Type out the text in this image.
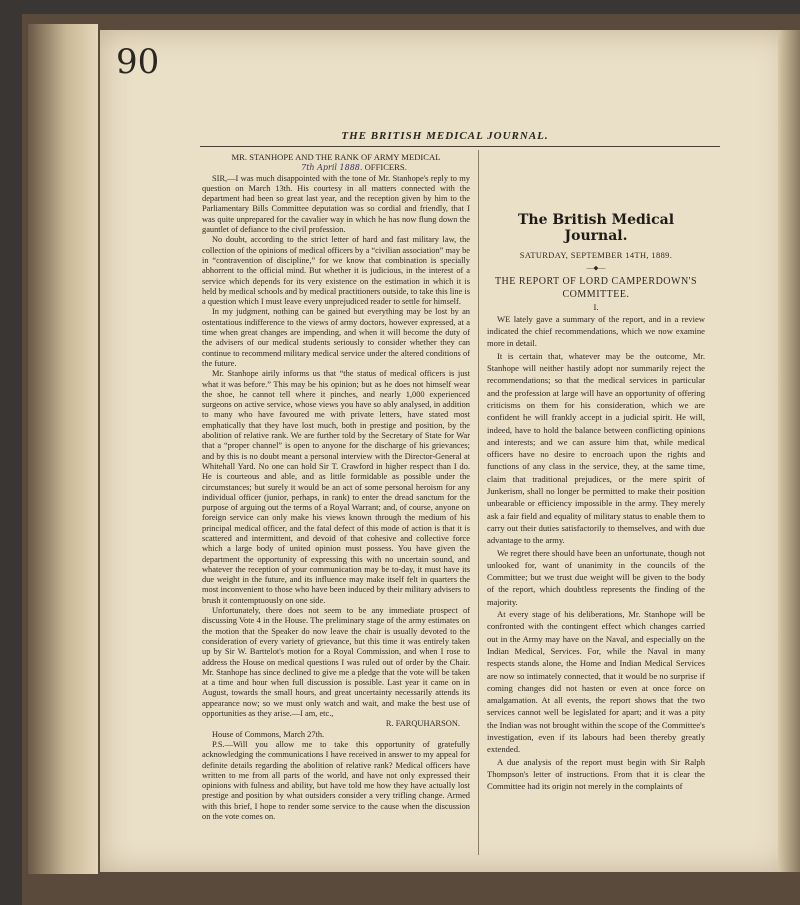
90
THE BRITISH MEDICAL JOURNAL.

MR. STANHOPE AND THE RANK OF ARMY MEDICAL

7th April 1888. OFFICERS.

SIR,—I was much disappointed with the tone of Mr. Stanhope's reply to my question on March 13th. His courtesy in all matters connected with the department had been so great last year, and the reception given by him to the Parliamentary Bills Committee deputation was so cordial and friendly, that I was quite unprepared for the cavalier way in which he has now flung down the gauntlet of defiance to the civil profession.

No doubt, according to the strict letter of hard and fast military law, the collection of the opinions of medical officers by a “civilian association” may be in “contravention of discipline,” for we know that combination is specially abhorrent to the official mind. But whether it is judicious, in the interest of a service which depends for its very existence on the estimation in which it is held by medical schools and by medical practitioners outside, to take this line is a question which I must leave every unprejudiced reader to settle for himself.

In my judgment, nothing can be gained but everything may be lost by an ostentatious indifference to the views of army doctors, however expressed, at a time when great changes are impending, and when it will become the duty of the advisers of our medical students seriously to consider whether they can continue to recommend military medical service under the altered conditions of the future.

Mr. Stanhope airily informs us that “the status of medical officers is just what it was before.” This may be his opinion; but as he does not himself wear the shoe, he cannot tell where it pinches, and nearly 1,000 experienced surgeons on active service, whose views you have so ably analysed, in addition to many who have favoured me with private letters, have stated most emphatically that they have lost much, both in prestige and position, by the abolition of relative rank. We are further told by the Secretary of State for War that a “proper channel” is open to anyone for the discharge of his grievances; and by this is no doubt meant a personal interview with the Director-General at Whitehall Yard. No one can hold Sir T. Crawford in higher respect than I do. He is courteous and able, and as little formidable as possible under the circumstances; but surely it would be an act of some personal heroism for any individual officer (junior, perhaps, in rank) to enter the dread sanctum for the purpose of arguing out the terms of a Royal Warrant; and, of course, anyone on foreign service can only make his views known through the medium of his principal medical officer, and the fatal defect of this mode of action is that it is scattered and intermittent, and devoid of that cohesive and collective force which a large body of united opinion must possess. You have given the department the opportunity of expressing this with no uncertain sound, and whatever the reception of your communication may be to-day, it must have its due weight in the future, and its influence may make itself felt in quarters the most inconvenient to those who have been induced by their military advisers to brush it contemptuously on one side.

Unfortunately, there does not seem to be any immediate prospect of discussing Vote 4 in the House. The preliminary stage of the army estimates on the motion that the Speaker do now leave the chair is usually devoted to the consideration of every variety of grievance, but this time it was entirely taken up by Sir W. Barttelot's motion for a Royal Commission, and when I rose to address the House on medical questions I was ruled out of order by the Chair. Mr. Stanhope has since declined to give me a pledge that the vote will be taken at a time and hour when full discussion is possible. Last year it came on in August, towards the small hours, and great uncertainty necessarily attends its appearance now; so we must only watch and wait, and make the best use of opportunities as they arise.—I am, etc.,

R. FARQUHARSON.

House of Commons, March 27th.

P.S.—Will you allow me to take this opportunity of gratefully acknowledging the communications I have received in answer to my appeal for definite details regarding the abolition of relative rank? Medical officers have written to me from all parts of the world, and have not only expressed their opinions with fulness and ability, but have told me how they have actually lost prestige and position by what outsiders consider a very trifling change. Armed with this brief, I hope to render some service to the cause when the discussion on the vote comes on.

The British Medical Journal.

SATURDAY, SEPTEMBER 14TH, 1889.

—⬥—

THE REPORT OF LORD CAMPERDOWN'S COMMITTEE.

I.

WE lately gave a summary of the report, and in a review indicated the chief recommendations, which we now examine more in detail.

It is certain that, whatever may be the outcome, Mr. Stanhope will neither hastily adopt nor summarily reject the recommendations; so that the medical services in particular and the profession at large will have an opportunity of offering criticisms on them for his consideration, which we are confident he will frankly accept in a judicial spirit. He will, indeed, have to hold the balance between conflicting opinions and interests; and we can assure him that, while medical officers have no desire to encroach upon the rights and functions of any class in the service, they, at the same time, claim that traditional prejudices, or the mere spirit of Junkerism, shall no longer be permitted to make their position unbearable or efficiency impossible in the army. They merely ask a fair field and equality of military status to enable them to carry out their duties satisfactorily to themselves, and with due advantage to the army.

We regret there should have been an unfortunate, though not unlooked for, want of unanimity in the councils of the Committee; but we trust due weight will be given to the body of the report, which doubtless represents the finding of the majority.

At every stage of his deliberations, Mr. Stanhope will be confronted with the contingent effect which changes carried out in the Army may have on the Naval, and especially on the Indian Medical, Services. For, while the Naval in many respects stands alone, the Home and Indian Medical Services are now so intimately connected, that it would be no surprise if coming changes did not hasten or even at once force on amalgamation. At all events, the report shows that the two services cannot well be legislated for apart; and it was a pity the Indian was not brought within the scope of the Committee's investigation, even if its labours had been thereby greatly extended.

A due analysis of the report must begin with Sir Ralph Thompson's letter of instructions. From that it is clear the Committee had its origin not merely in the complaints of
